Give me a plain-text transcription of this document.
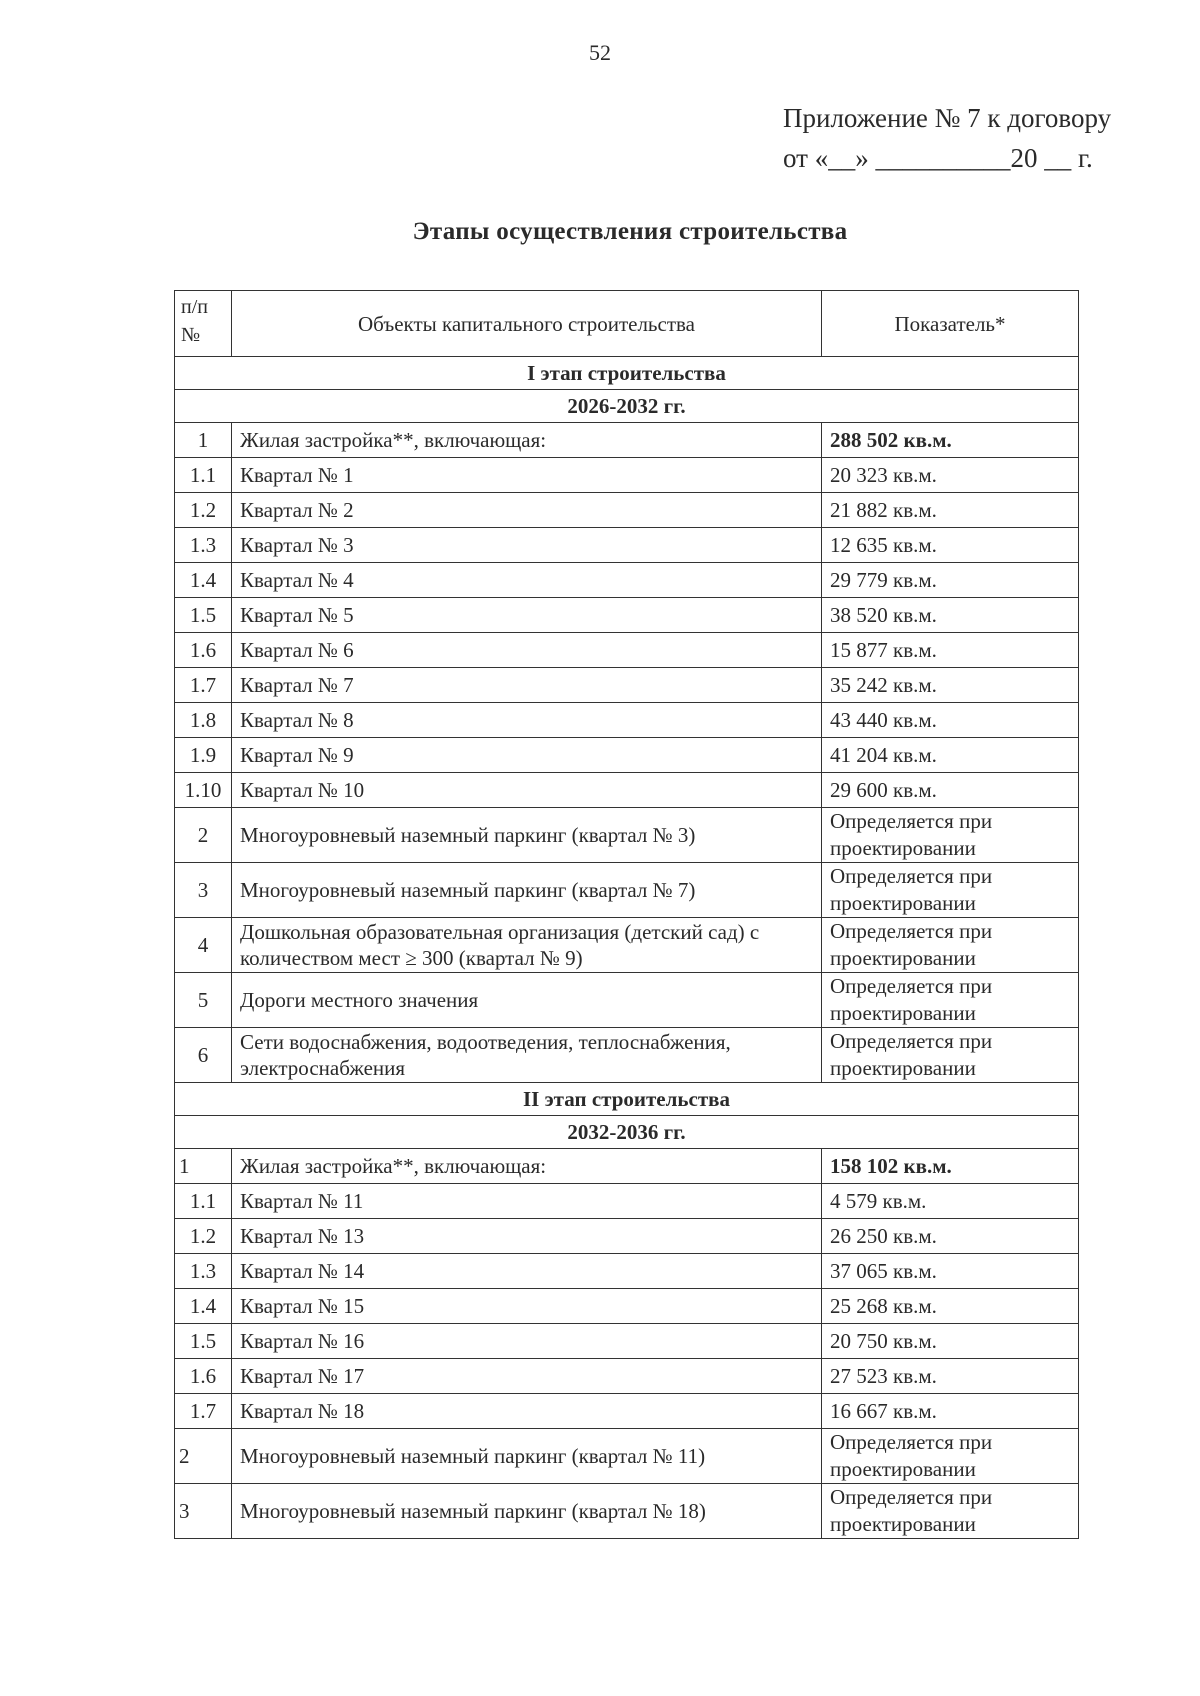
52
Приложение № 7 к договору
от «__» __________20 __ г.
Этапы осуществления строительства
п/п №	Объекты капитального строительства	Показатель*
I этап строительства		
2026-2032 гг.		
1	Жилая застройка**, включающая:	288 502 кв.м.
1.1	Квартал № 1	20 323 кв.м.
1.2	Квартал № 2	21 882 кв.м.
1.3	Квартал № 3	12 635 кв.м.
1.4	Квартал № 4	29 779 кв.м.
1.5	Квартал № 5	38 520 кв.м.
1.6	Квартал № 6	15 877 кв.м.
1.7	Квартал № 7	35 242 кв.м.
1.8	Квартал № 8	43 440 кв.м.
1.9	Квартал № 9	41 204 кв.м.
1.10	Квартал № 10	29 600 кв.м.
2	Многоуровневый наземный паркинг (квартал № 3)	Определяется при проектировании
3	Многоуровневый наземный паркинг (квартал № 7)	Определяется при проектировании
4	Дошкольная образовательная организация (детский сад) с количеством мест ≥ 300 (квартал № 9)	Определяется при проектировании
5	Дороги местного значения	Определяется при проектировании
6	Сети водоснабжения, водоотведения, теплоснабжения, электроснабжения	Определяется при проектировании
II этап строительства		
2032-2036 гг.		
1	Жилая застройка**, включающая:	158 102 кв.м.
1.1	Квартал № 11	4 579 кв.м.
1.2	Квартал № 13	26 250 кв.м.
1.3	Квартал № 14	37 065 кв.м.
1.4	Квартал № 15	25 268 кв.м.
1.5	Квартал № 16	20 750 кв.м.
1.6	Квартал № 17	27 523 кв.м.
1.7	Квартал № 18	16 667 кв.м.
2	Многоуровневый наземный паркинг (квартал № 11)	Определяется при проектировании
3	Многоуровневый наземный паркинг (квартал № 18)	Определяется при проектировании
